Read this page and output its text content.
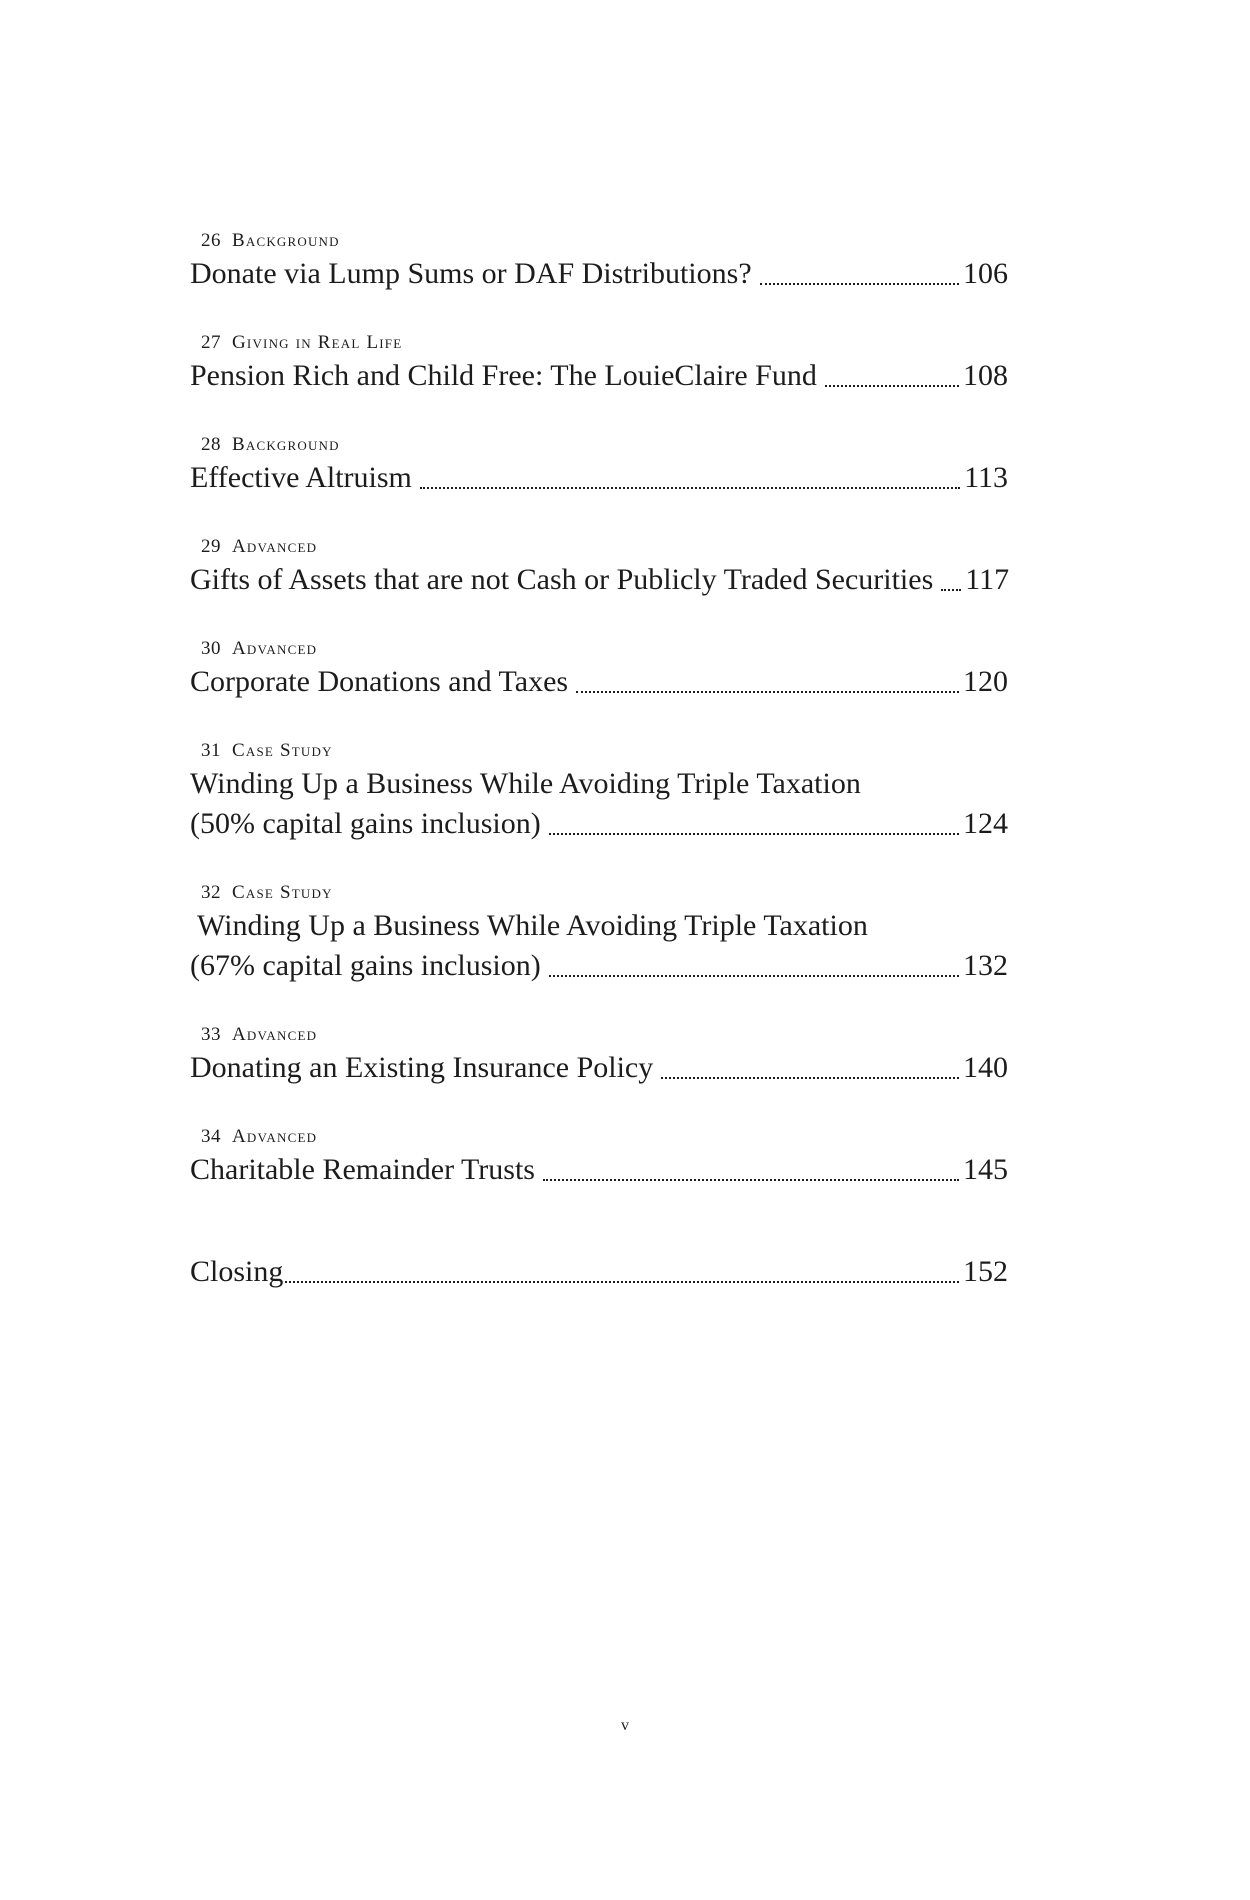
26 Background
Donate via Lump Sums or DAF Distributions?	106
27 Giving in Real Life
Pension Rich and Child Free: The LouieClaire Fund	108
28 Background
Effective Altruism	113
29 Advanced
Gifts of Assets that are not Cash or Publicly Traded Securities 117
30 Advanced
Corporate Donations and Taxes	120
31 Case Study
Winding Up a Business While Avoiding Triple Taxation
(50% capital gains inclusion)	124
32 Case Study
Winding Up a Business While Avoiding Triple Taxation
(67% capital gains inclusion)	132
33 Advanced
Donating an Existing Insurance Policy	140
34 Advanced
Charitable Remainder Trusts	145
Closing	152
v
